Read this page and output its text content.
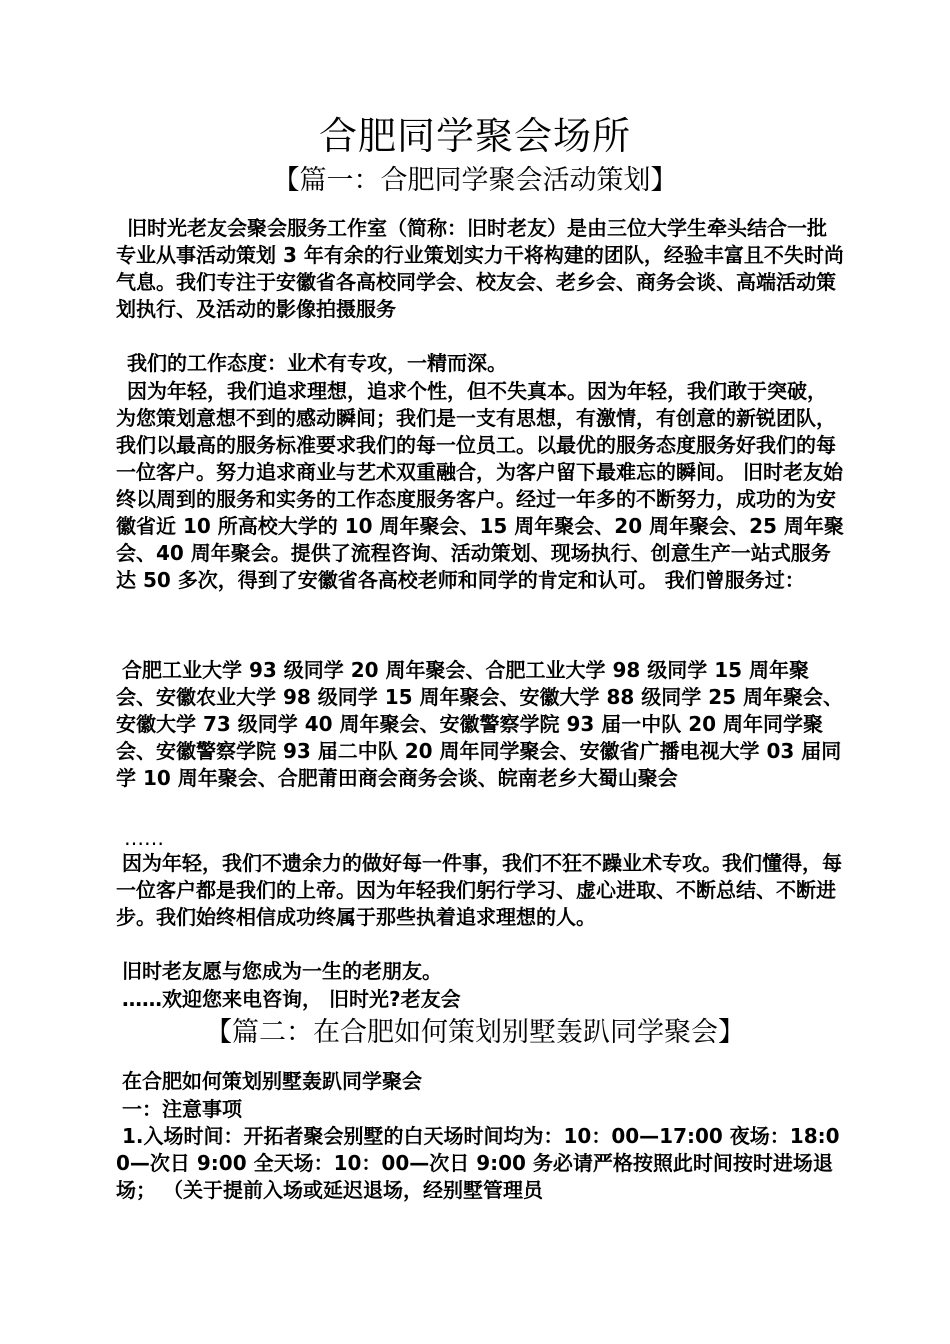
合肥同学聚会场所
【篇一：合肥同学聚会活动策划】

旧时光老友会聚会服务工作室（简称：旧时老友）是由三位大学生牵头结合一批专业从事活动策划 3 年有余的行业策划实力干将构建的团队，经验丰富且不失时尚气息。我们专注于安徽省各高校同学会、校友会、老乡会、商务会谈、高端活动策划执行、及活动的影像拍摄服务

我们的工作态度：业术有专攻，一精而深。

因为年轻，我们追求理想，追求个性，但不失真本。因为年轻，我们敢于突破，为您策划意想不到的感动瞬间；我们是一支有思想，有激情，有创意的新锐团队，我们以最高的服务标准要求我们的每一位员工。以最优的服务态度服务好我们的每一位客户。努力追求商业与艺术双重融合，为客户留下最难忘的瞬间。 旧时老友始终以周到的服务和实务的工作态度服务客户。经过一年多的不断努力，成功的为安徽省近 10 所高校大学的 10 周年聚会、15 周年聚会、20 周年聚会、25 周年聚会、40 周年聚会。提供了流程咨询、活动策划、现场执行、创意生产一站式服务达 50 多次，得到了安徽省各高校老师和同学的肯定和认可。 我们曾服务过：

合肥工业大学 93 级同学 20 周年聚会、合肥工业大学 98 级同学 15 周年聚会、安徽农业大学 98 级同学 15 周年聚会、安徽大学 88 级同学 25 周年聚会、安徽大学 73 级同学 40 周年聚会、安徽警察学院 93 届一中队 20 周年同学聚会、安徽警察学院 93 届二中队 20 周年同学聚会、安徽省广播电视大学 03 届同学 10 周年聚会、合肥莆田商会商务会谈、皖南老乡大蜀山聚会

……

因为年轻，我们不遗余力的做好每一件事，我们不狂不躁业术专攻。我们懂得，每一位客户都是我们的上帝。因为年轻我们躬行学习、虚心进取、不断总结、不断进步。我们始终相信成功终属于那些执着追求理想的人。

旧时老友愿与您成为一生的老朋友。

……欢迎您来电咨询， 旧时光?老友会

【篇二：在合肥如何策划别墅轰趴同学聚会】

在合肥如何策划别墅轰趴同学聚会

一：注意事项

1.入场时间：开拓者聚会别墅的白天场时间均为：10：00—17:00 夜场：18:00—次日 9:00 全天场：10：00—次日 9:00 务必请严格按照此时间按时进场退场； （关于提前入场或延迟退场，经别墅管理员
